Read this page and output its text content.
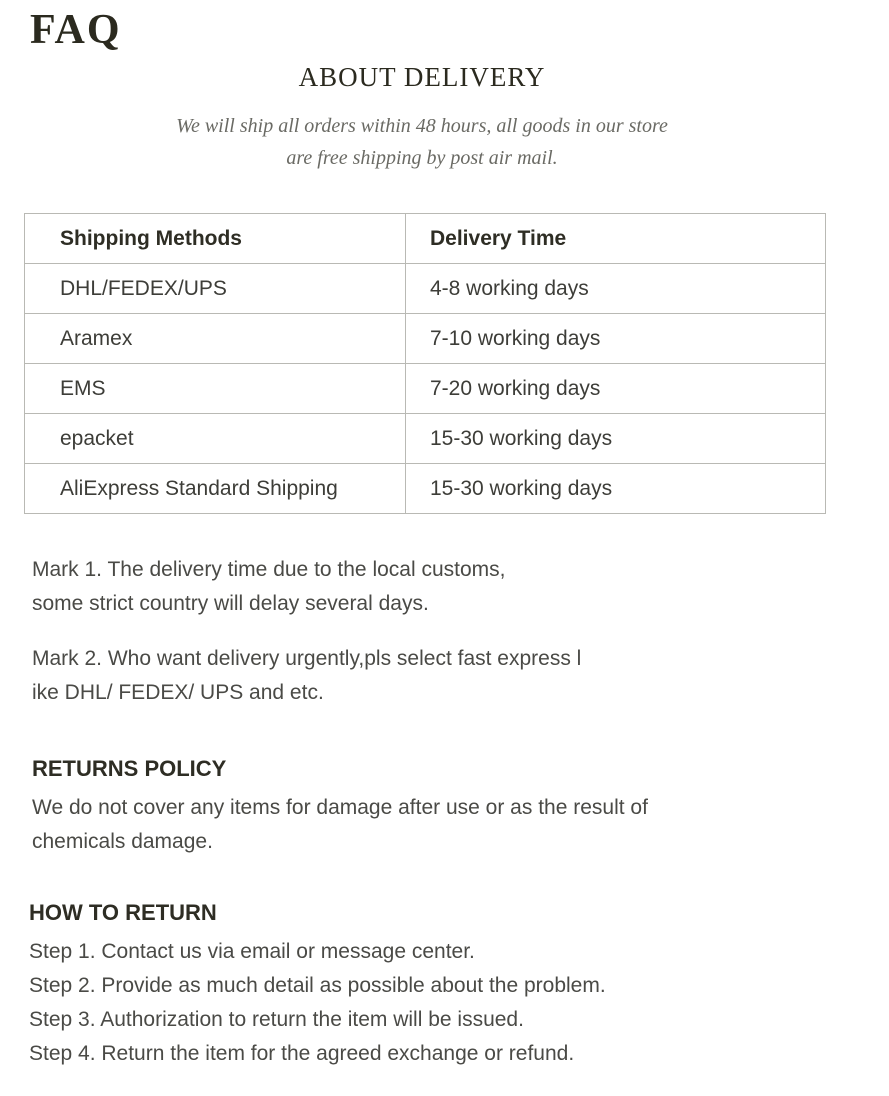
FAQ
ABOUT DELIVERY

We will ship all orders within 48 hours, all goods in our store
are free shipping by post air mail.

Shipping Methods	Delivery Time
DHL/FEDEX/UPS	4-8 working days
Aramex	7-10 working days
EMS	7-20 working days
epacket	15-30 working days
AliExpress Standard Shipping	15-30 working days

Mark 1. The delivery time due to the local customs,
some strict country will delay several days.

Mark 2. Who want delivery urgently,pls select fast express l
ike DHL/ FEDEX/ UPS and etc.

RETURNS POLICY

We do not cover any items for damage after use or as the result of
chemicals damage.

HOW TO RETURN

Step 1. Contact us via email or message center.
Step 2. Provide as much detail as possible about the problem.
Step 3. Authorization to return the item will be issued.
Step 4. Return the item for the agreed exchange or refund.
